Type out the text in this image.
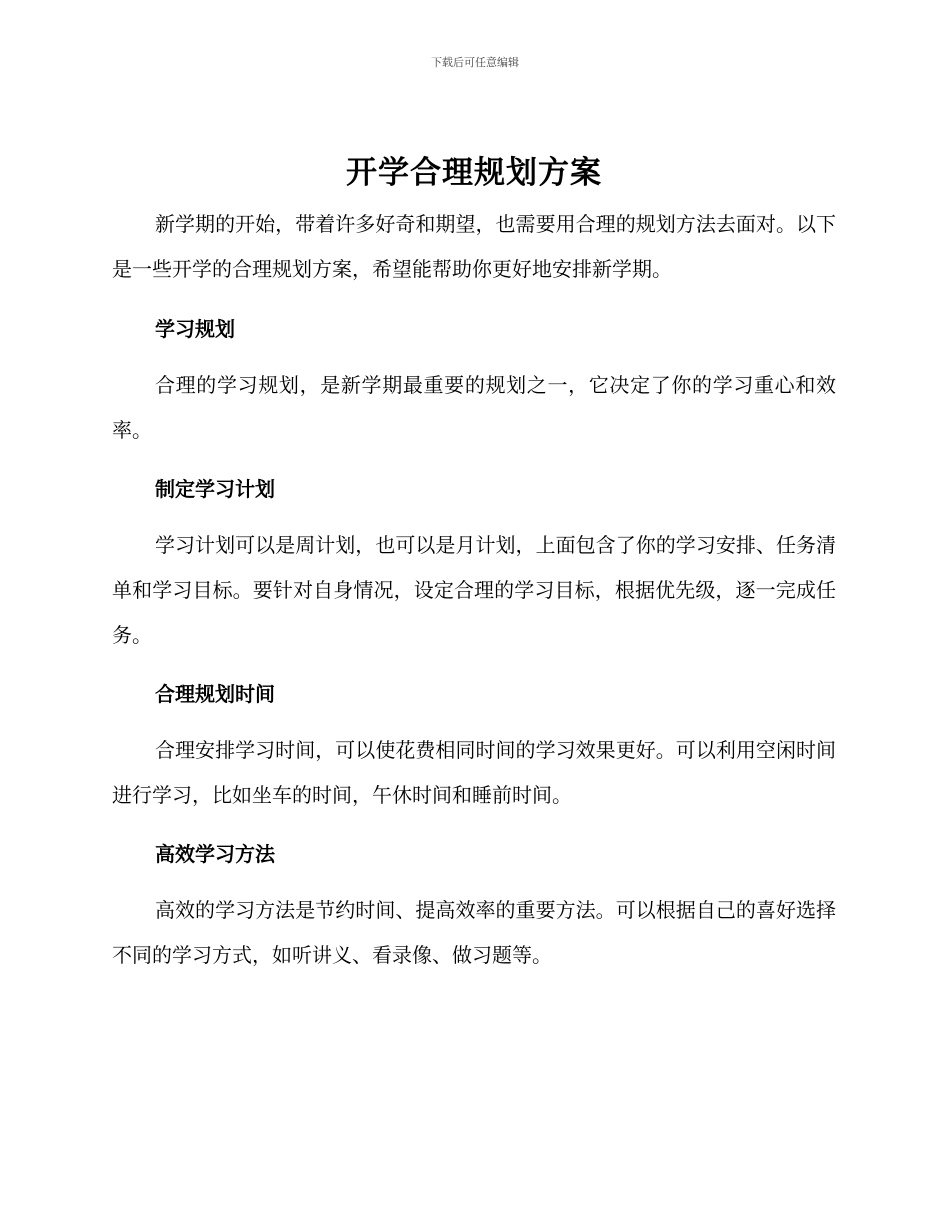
下载后可任意编辑
开学合理规划方案

新学期的开始，带着许多好奇和期望，也需要用合理的规划方法去面对。以下是一些开学的合理规划方案，希望能帮助你更好地安排新学期。

学习规划

合理的学习规划，是新学期最重要的规划之一，它决定了你的学习重心和效率。

制定学习计划

学习计划可以是周计划，也可以是月计划，上面包含了你的学习安排、任务清单和学习目标。要针对自身情况，设定合理的学习目标，根据优先级，逐一完成任务。

合理规划时间

合理安排学习时间，可以使花费相同时间的学习效果更好。可以利用空闲时间进行学习，比如坐车的时间，午休时间和睡前时间。

高效学习方法

高效的学习方法是节约时间、提高效率的重要方法。可以根据自己的喜好选择不同的学习方式，如听讲义、看录像、做习题等。
